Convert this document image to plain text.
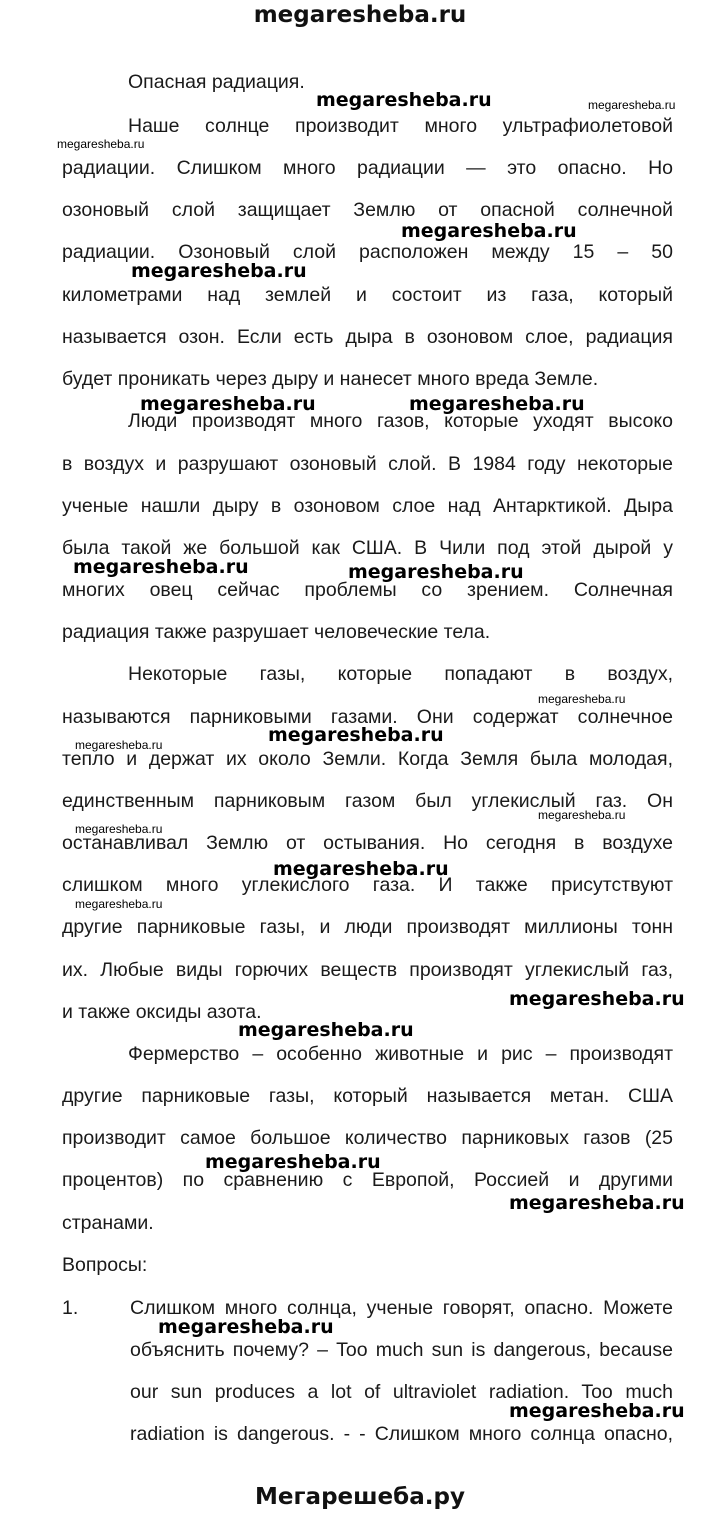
megaresheba.ru
Опасная радиация.
Наше солнце производит много ультрафиолетовой
радиации. Слишком много радиации — это опасно. Но
озоновый слой защищает Землю от опасной солнечной
радиации. Озоновый слой расположен между 15 – 50
километрами над землей и состоит из газа, который
называется озон. Если есть дыра в озоновом слое, радиация
будет проникать через дыру и нанесет много вреда Земле.
Люди производят много газов, которые уходят высоко
в воздух и разрушают озоновый слой. В 1984 году некоторые
ученые нашли дыру в озоновом слое над Антарктикой. Дыра
была такой же большой как США. В Чили под этой дырой у
многих овец сейчас проблемы со зрением. Солнечная
радиация также разрушает человеческие тела.
Некоторые газы, которые попадают в воздух,
называются парниковыми газами. Они содержат солнечное
тепло и держат их около Земли. Когда Земля была молодая,
единственным парниковым газом был углекислый газ. Он
останавливал Землю от остывания. Но сегодня в воздухе
слишком много углекислого газа. И также присутствуют
другие парниковые газы, и люди производят миллионы тонн
их. Любые виды горючих веществ производят углекислый газ,
и также оксиды азота.
Фермерство – особенно животные и рис – производят
другие парниковые газы, который называется метан. США
производит самое большое количество парниковых газов (25
процентов) по сравнению с Европой, Россией и другими
странами.
Вопросы:
1.	Слишком много солнца, ученые говорят, опасно. Можете
объяснить почему? – Too much sun is dangerous, because
our sun produces a lot of ultraviolet radiation. Too much
radiation is dangerous. - - Слишком много солнца опасно,
megaresheba.ru	megaresheba.ru
megaresheba.ru
megaresheba.ru
megaresheba.ru
megaresheba.ru	megaresheba.ru
megaresheba.ru	megaresheba.ru
megaresheba.ru
megaresheba.ru
megaresheba.ru
megaresheba.ru
megaresheba.ru
megaresheba.ru
megaresheba.ru
megaresheba.ru
megaresheba.ru
megaresheba.ru
megaresheba.ru
megaresheba.ru
megaresheba.ru
Мегарешеба.ру
